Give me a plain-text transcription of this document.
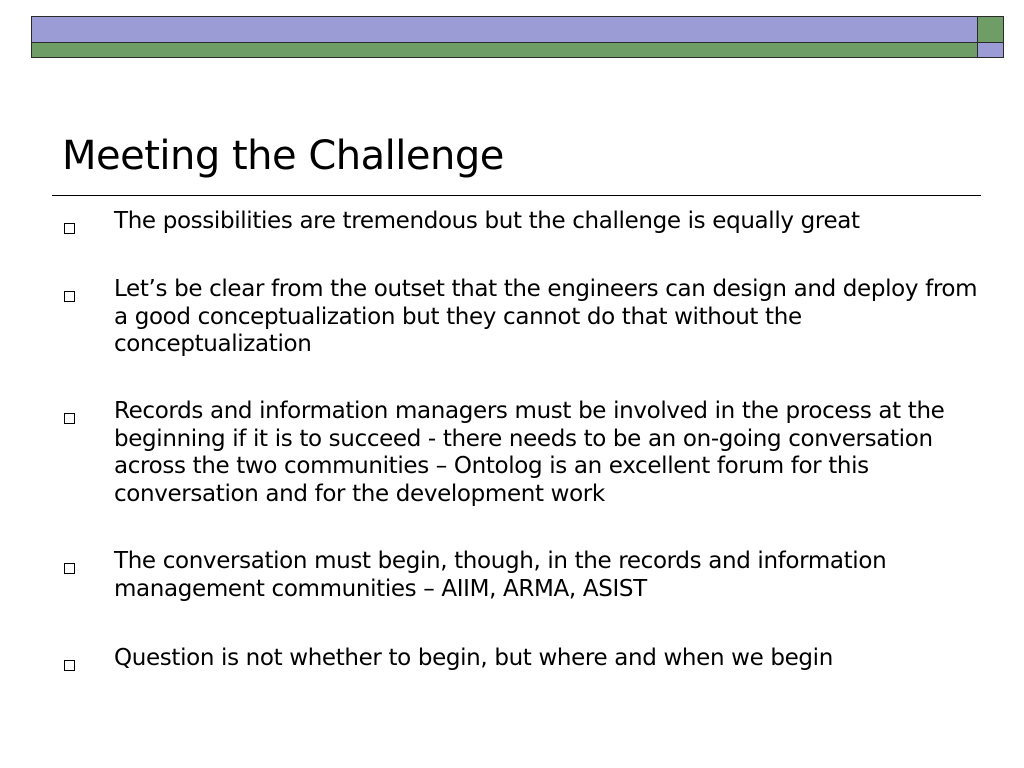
Meeting the Challenge
The possibilities are tremendous but the challenge is equally great
Let’s be clear from the outset that the engineers can design and deploy from a good conceptualization but they cannot do that without the conceptualization
Records and information managers must be involved in the process at the beginning if it is to succeed - there needs to be an on-going conversation across the two communities – Ontolog is an excellent forum for this conversation and for the development work
The conversation must begin, though, in the records and information management communities – AIIM, ARMA, ASIST
Question is not whether to begin, but where and when we begin
